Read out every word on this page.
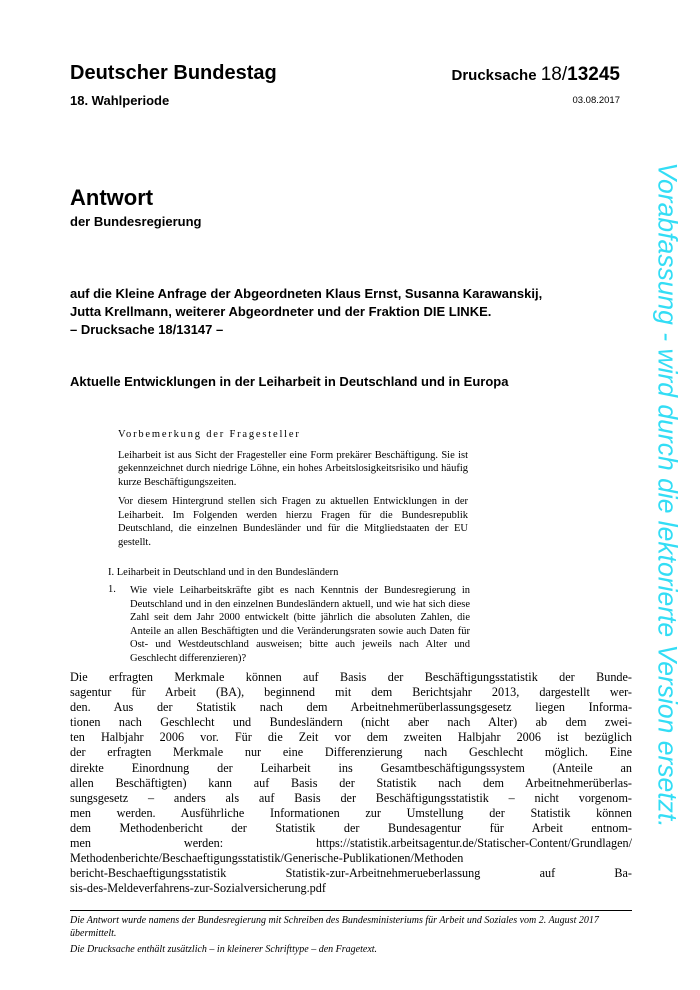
Deutscher Bundestag	Drucksache 18/13245
18. Wahlperiode	03.08.2017
Antwort
der Bundesregierung
auf die Kleine Anfrage der Abgeordneten Klaus Ernst, Susanna Karawanskij,
Jutta Krellmann, weiterer Abgeordneter und der Fraktion DIE LINKE.
– Drucksache 18/13147 –
Aktuelle Entwicklungen in der Leiharbeit in Deutschland und in Europa
Vorbemerkung der Fragesteller

Leiharbeit ist aus Sicht der Fragesteller eine Form prekärer Beschäftigung. Sie ist gekennzeichnet durch niedrige Löhne, ein hohes Arbeitslosigkeitsrisiko und häufig kurze Beschäftigungszeiten.

Vor diesem Hintergrund stellen sich Fragen zu aktuellen Entwicklungen in der Leiharbeit. Im Folgenden werden hierzu Fragen für die Bundesrepublik Deutschland, die einzelnen Bundesländer und für die Mitgliedstaaten der EU gestellt.

I. Leiharbeit in Deutschland und in den Bundesländern
1. Wie viele Leiharbeitskräfte gibt es nach Kenntnis der Bundesregierung in Deutschland und in den einzelnen Bundesländern aktuell, und wie hat sich diese Zahl seit dem Jahr 2000 entwickelt (bitte jährlich die absoluten Zahlen, die Anteile an allen Beschäftigten und die Veränderungsraten sowie auch Daten für Ost- und Westdeutschland ausweisen; bitte auch jeweils nach Alter und Geschlecht differenzieren)?
Die erfragten Merkmale können auf Basis der Beschäftigungsstatistik der Bunde-
sagentur für Arbeit (BA), beginnend mit dem Berichtsjahr 2013, dargestellt wer-
den. Aus der Statistik nach dem Arbeitnehmerüberlassungsgesetz liegen Informa-
tionen nach Geschlecht und Bundesländern (nicht aber nach Alter) ab dem zwei-
ten Halbjahr 2006 vor. Für die Zeit vor dem zweiten Halbjahr 2006 ist bezüglich
der erfragten Merkmale nur eine Differenzierung nach Geschlecht möglich. Eine
direkte Einordnung der Leiharbeit ins Gesamtbeschäftigungssystem (Anteile an
allen Beschäftigten) kann auf Basis der Statistik nach dem Arbeitnehmerüberlas-
sungsgesetz – anders als auf Basis der Beschäftigungsstatistik – nicht vorgenom-
men werden. Ausführliche Informationen zur Umstellung der Statistik können
dem Methodenbericht der Statistik der Bundesagentur für Arbeit entnom-
men werden: https://statistik.arbeitsagentur.de/Statischer-Content/Grundlagen/
Methodenberichte/Beschaeftigungsstatistik/Generische-Publikationen/Methoden
bericht-Beschaeftigungsstatistik Statistik-zur-Arbeitnehmerueberlassung auf Ba-
sis-des-Meldeverfahrens-zur-Sozialversicherung.pdf
Die Antwort wurde namens der Bundesregierung mit Schreiben des Bundesministeriums für Arbeit und Soziales vom 2. August 2017 übermittelt.
Die Drucksache enthält zusätzlich – in kleinerer Schrifttype – den Fragetext.
Vorabfassung - wird durch die lektorierte Version ersetzt.
